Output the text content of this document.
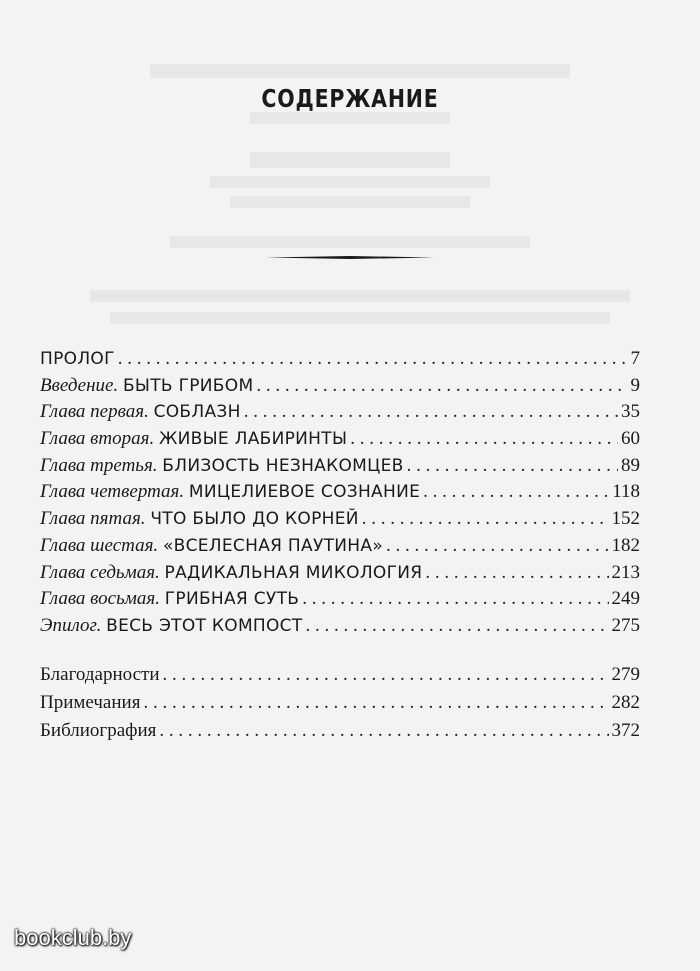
СОДЕРЖАНИЕ
ПРОЛОГ . . .	7
Введение. БЫТЬ ГРИБОМ . . .	9
Глава первая. СОБЛАЗН . . .	35
Глава вторая. ЖИВЫЕ ЛАБИРИНТЫ . . .	60
Глава третья. БЛИЗОСТЬ НЕЗНАКОМЦЕВ . . .	89
Глава четвертая. МИЦЕЛИЕВОЕ СОЗНАНИЕ . . .	118
Глава пятая. ЧТО БЫЛО ДО КОРНЕЙ . . .	152
Глава шестая. «ВСЕЛЕСНАЯ ПАУТИНА» . . .	182
Глава седьмая. РАДИКАЛЬНАЯ МИКОЛОГИЯ . . .	213
Глава восьмая. ГРИБНАЯ СУТЬ . . .	249
Эпилог. ВЕСЬ ЭТОТ КОМПОСТ . . .	275
Благодарности . . .	279
Примечания . . .	282
Библиография . . .	372
bookclub.by
